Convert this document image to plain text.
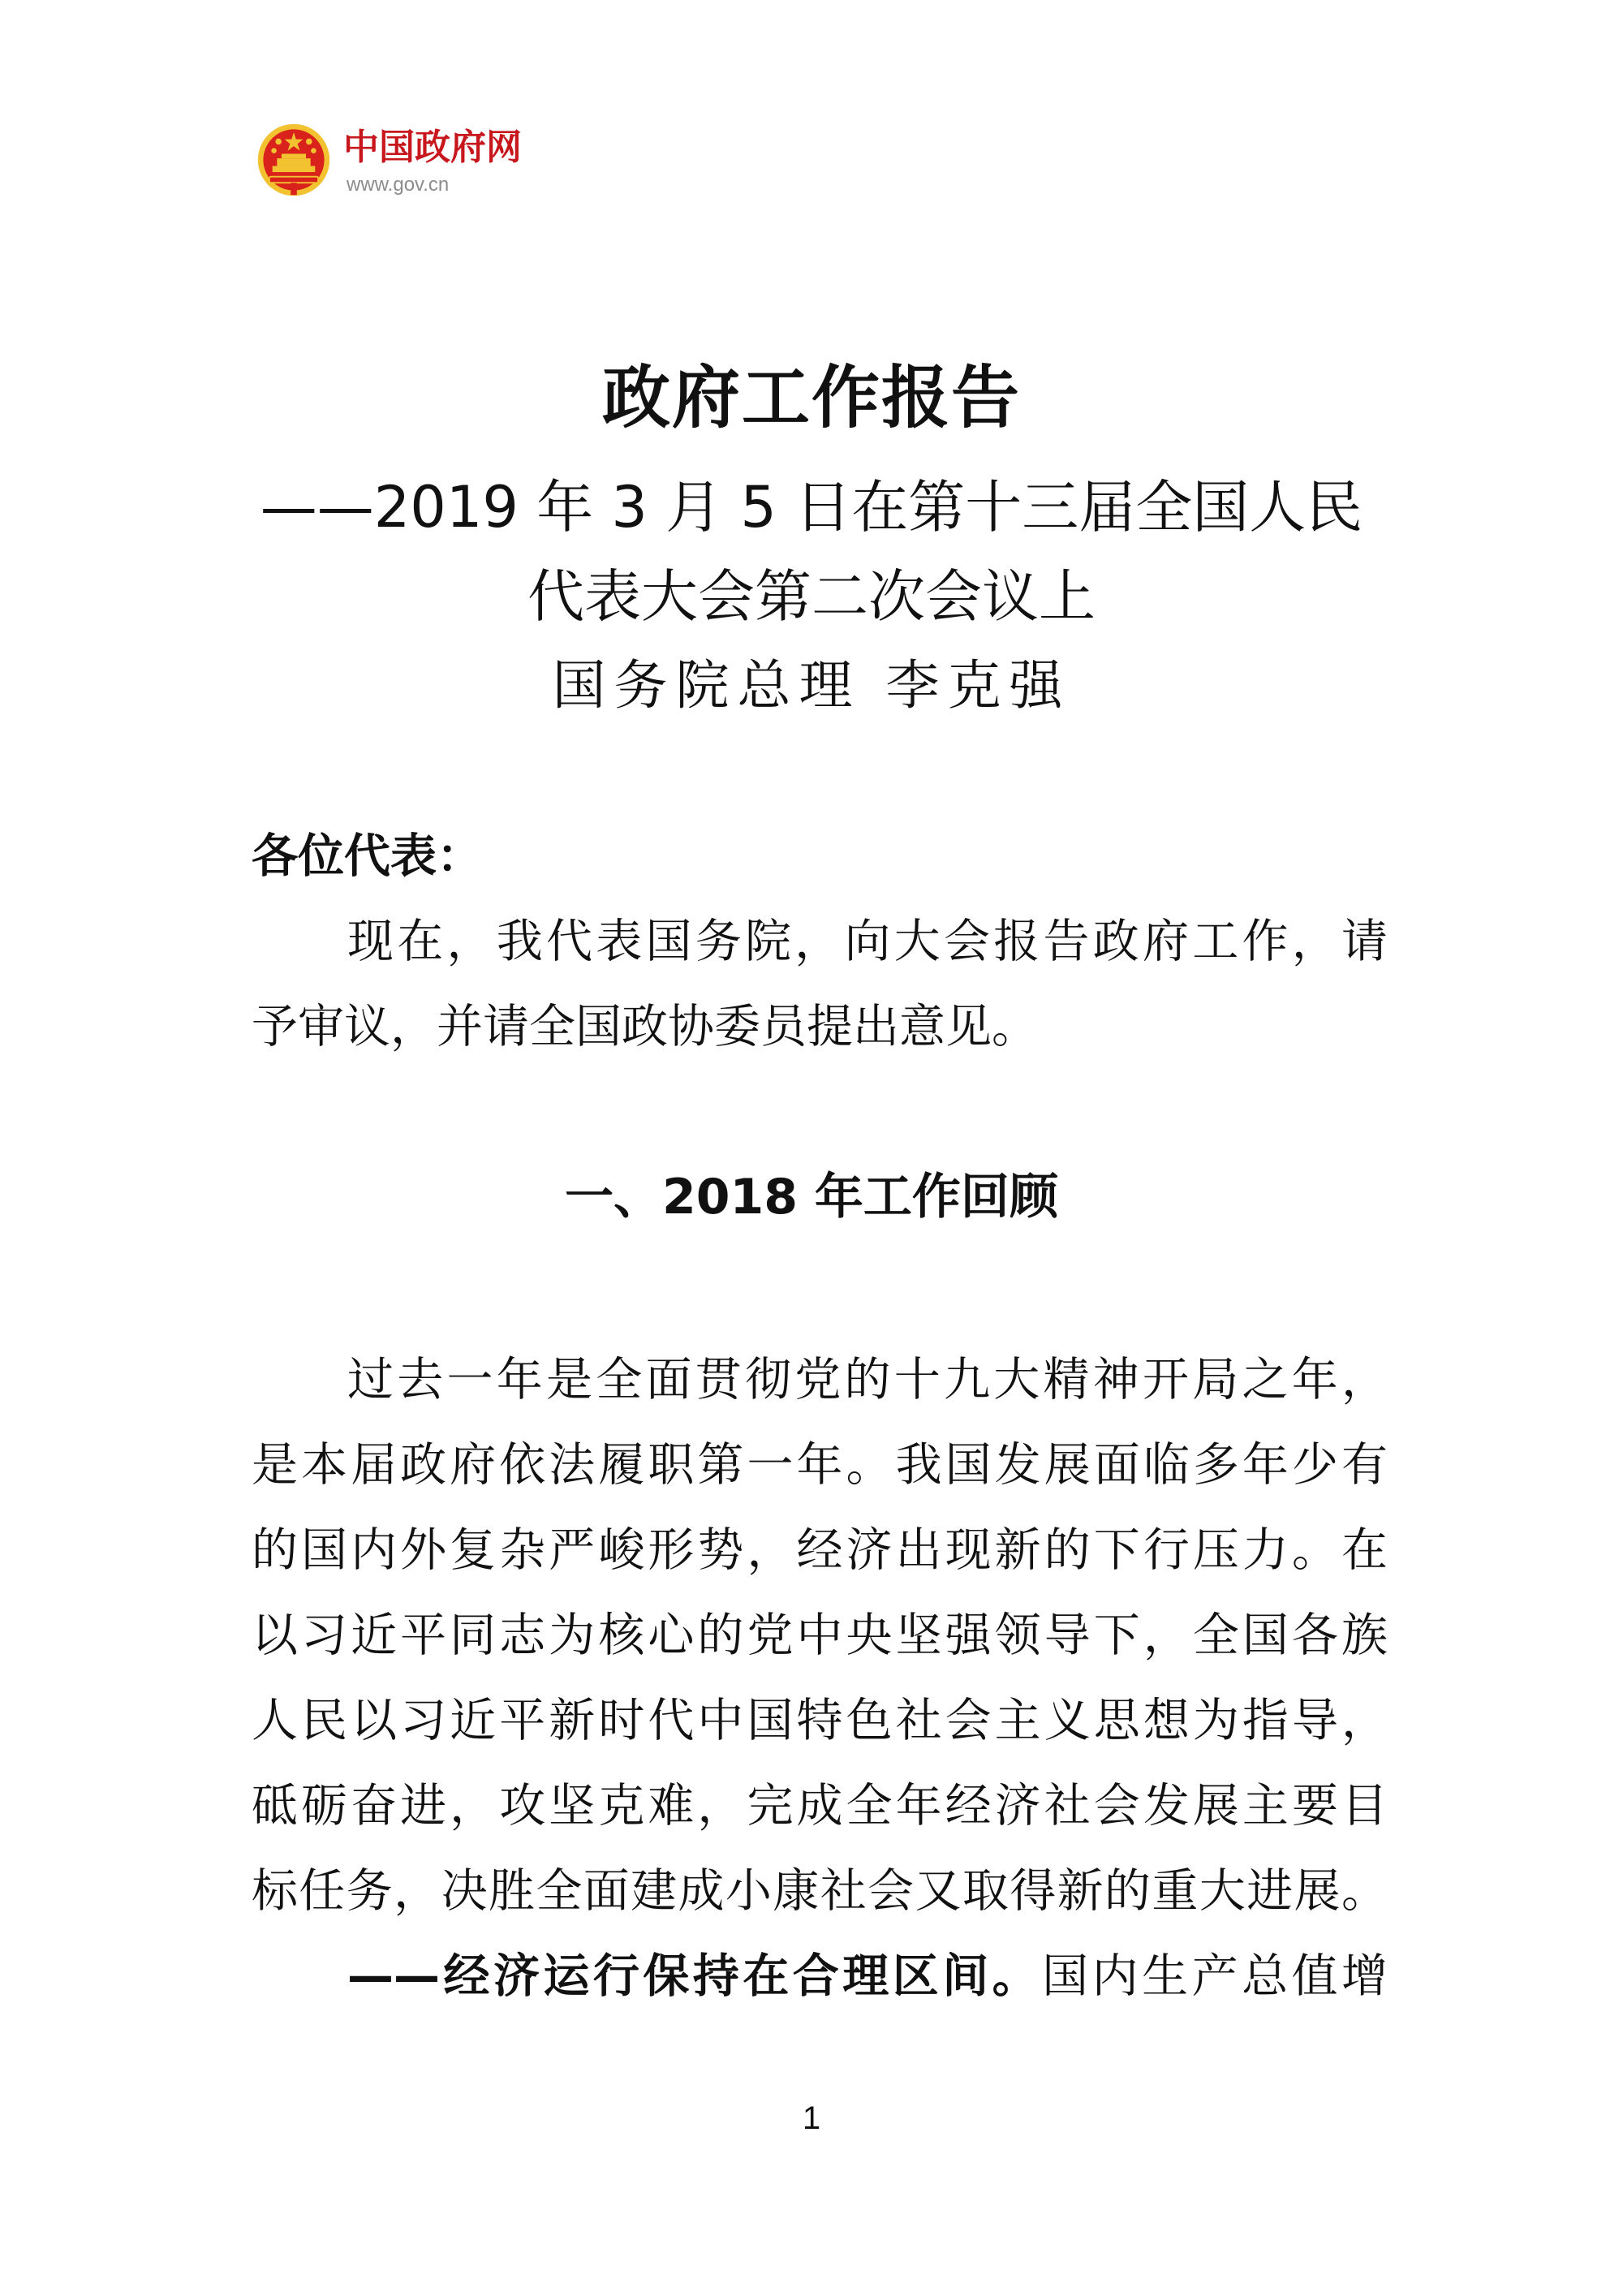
中国政府网
www.gov.cn
政府工作报告
——2019 年 3 月 5 日在第十三届全国人民
代表大会第二次会议上
国务院总理 李克强
各位代表：
现在，我代表国务院，向大会报告政府工作，请
予审议，并请全国政协委员提出意见。
一、2018 年工作回顾
过去一年是全面贯彻党的十九大精神开局之年，
是本届政府依法履职第一年。我国发展面临多年少有
的国内外复杂严峻形势，经济出现新的下行压力。在
以习近平同志为核心的党中央坚强领导下，全国各族
人民以习近平新时代中国特色社会主义思想为指导，
砥砺奋进，攻坚克难，完成全年经济社会发展主要目
标任务，决胜全面建成小康社会又取得新的重大进展。
——经济运行保持在合理区间。国内生产总值增
1
